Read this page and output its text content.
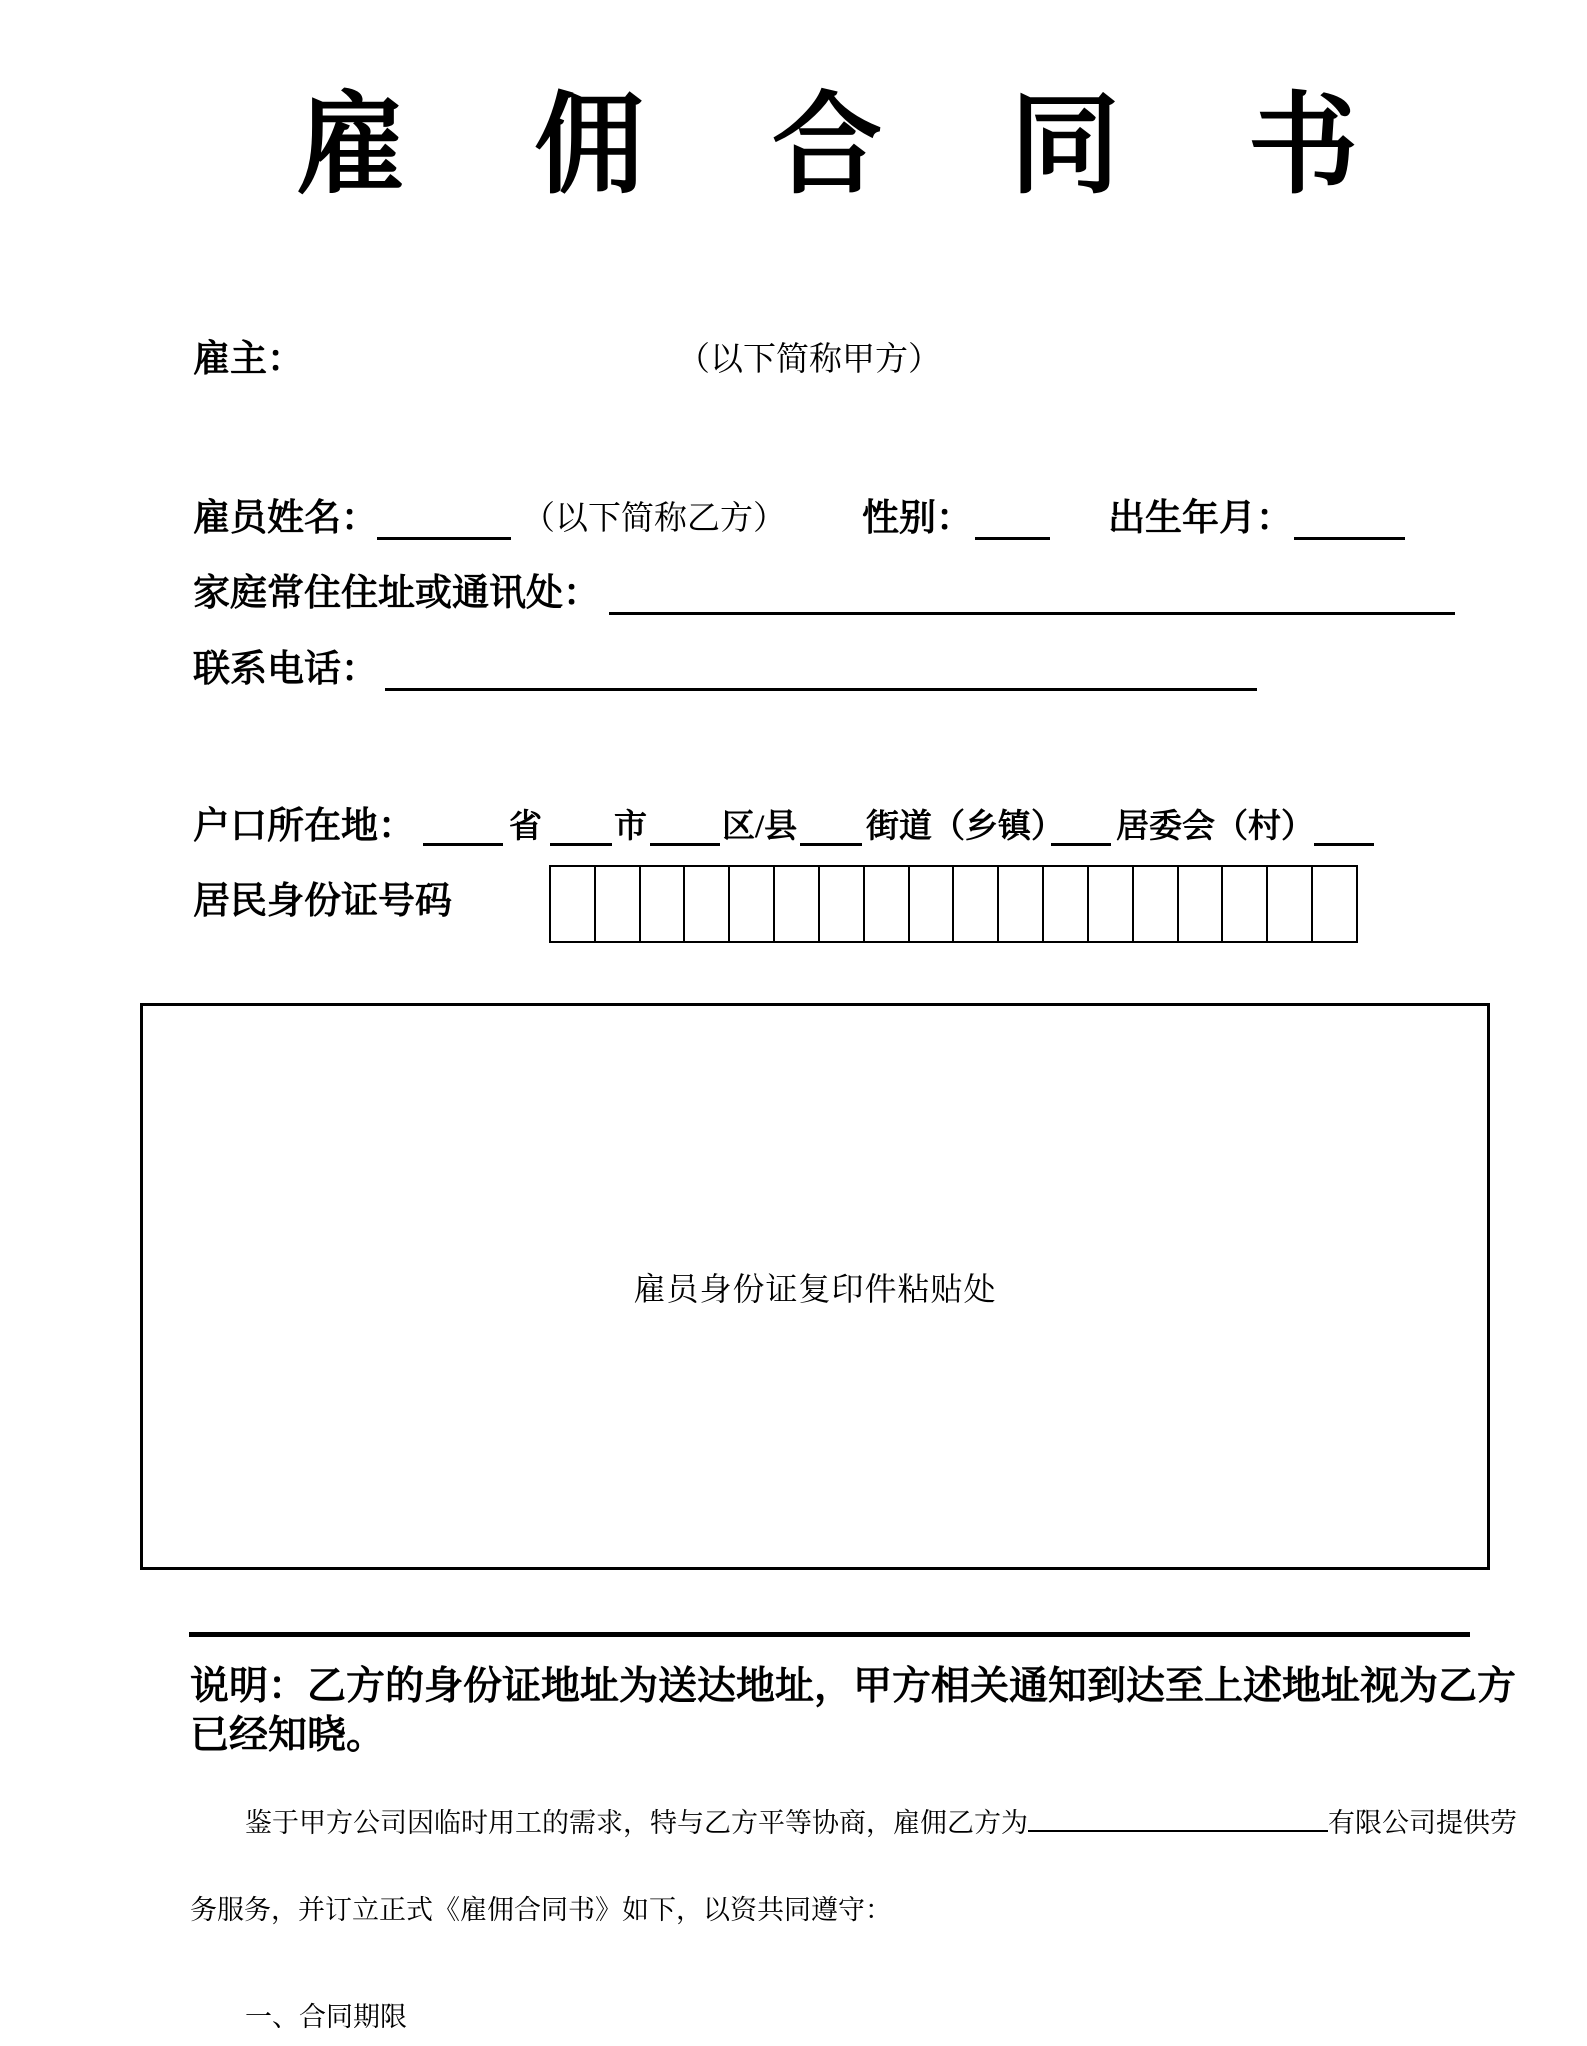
雇佣合同书
雇主：	（以下简称甲方）
雇员姓名：	（以下简称乙方） 性别：	出生年月：
家庭常住住址或通讯处：
联系电话：
户口所在地：	省 市 区/县 街道（乡镇） 居委会（村）
居民身份证号码
雇员身份证复印件粘贴处
说明：乙方的身份证地址为送达地址，甲方相关通知到达至上述地址视为乙方
已经知晓。
鉴于甲方公司因临时用工的需求，特与乙方平等协商，雇佣乙方为	有限公司提供劳
务服务，并订立正式《雇佣合同书》如下，以资共同遵守：
一、合同期限
